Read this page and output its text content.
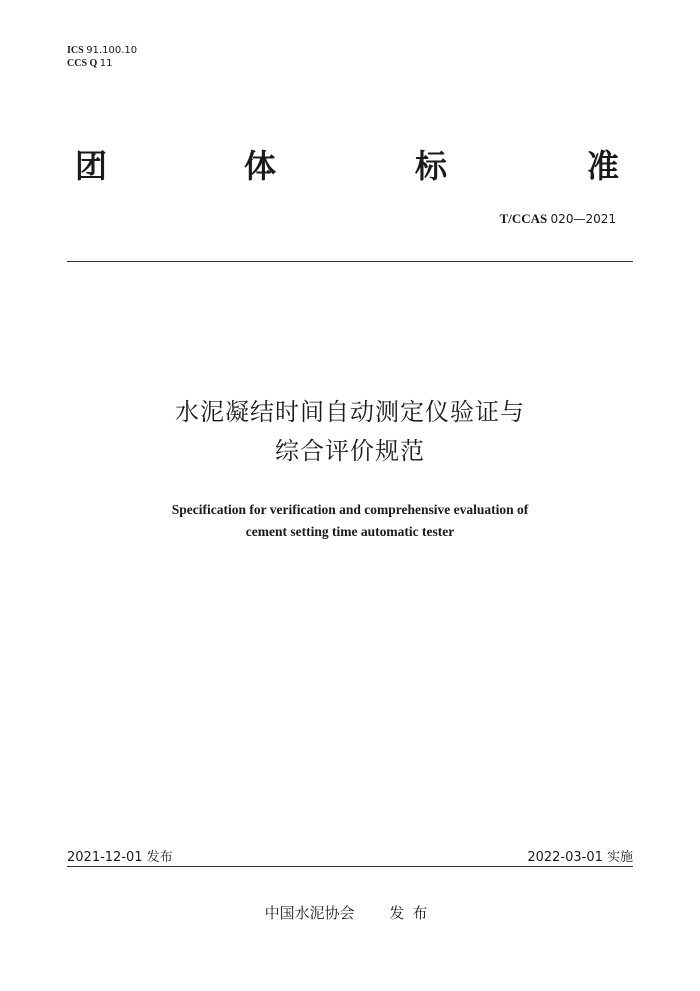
ICS 91.100.10
CCS Q 11
团	体	标	准
T/CCAS 020—2021
水泥凝结时间自动测定仪验证与
综合评价规范
Specification for verification and comprehensive evaluation of
cement setting time automatic tester
2021-12-01 发布	2022-03-01 实施
中国水泥协会 发布
